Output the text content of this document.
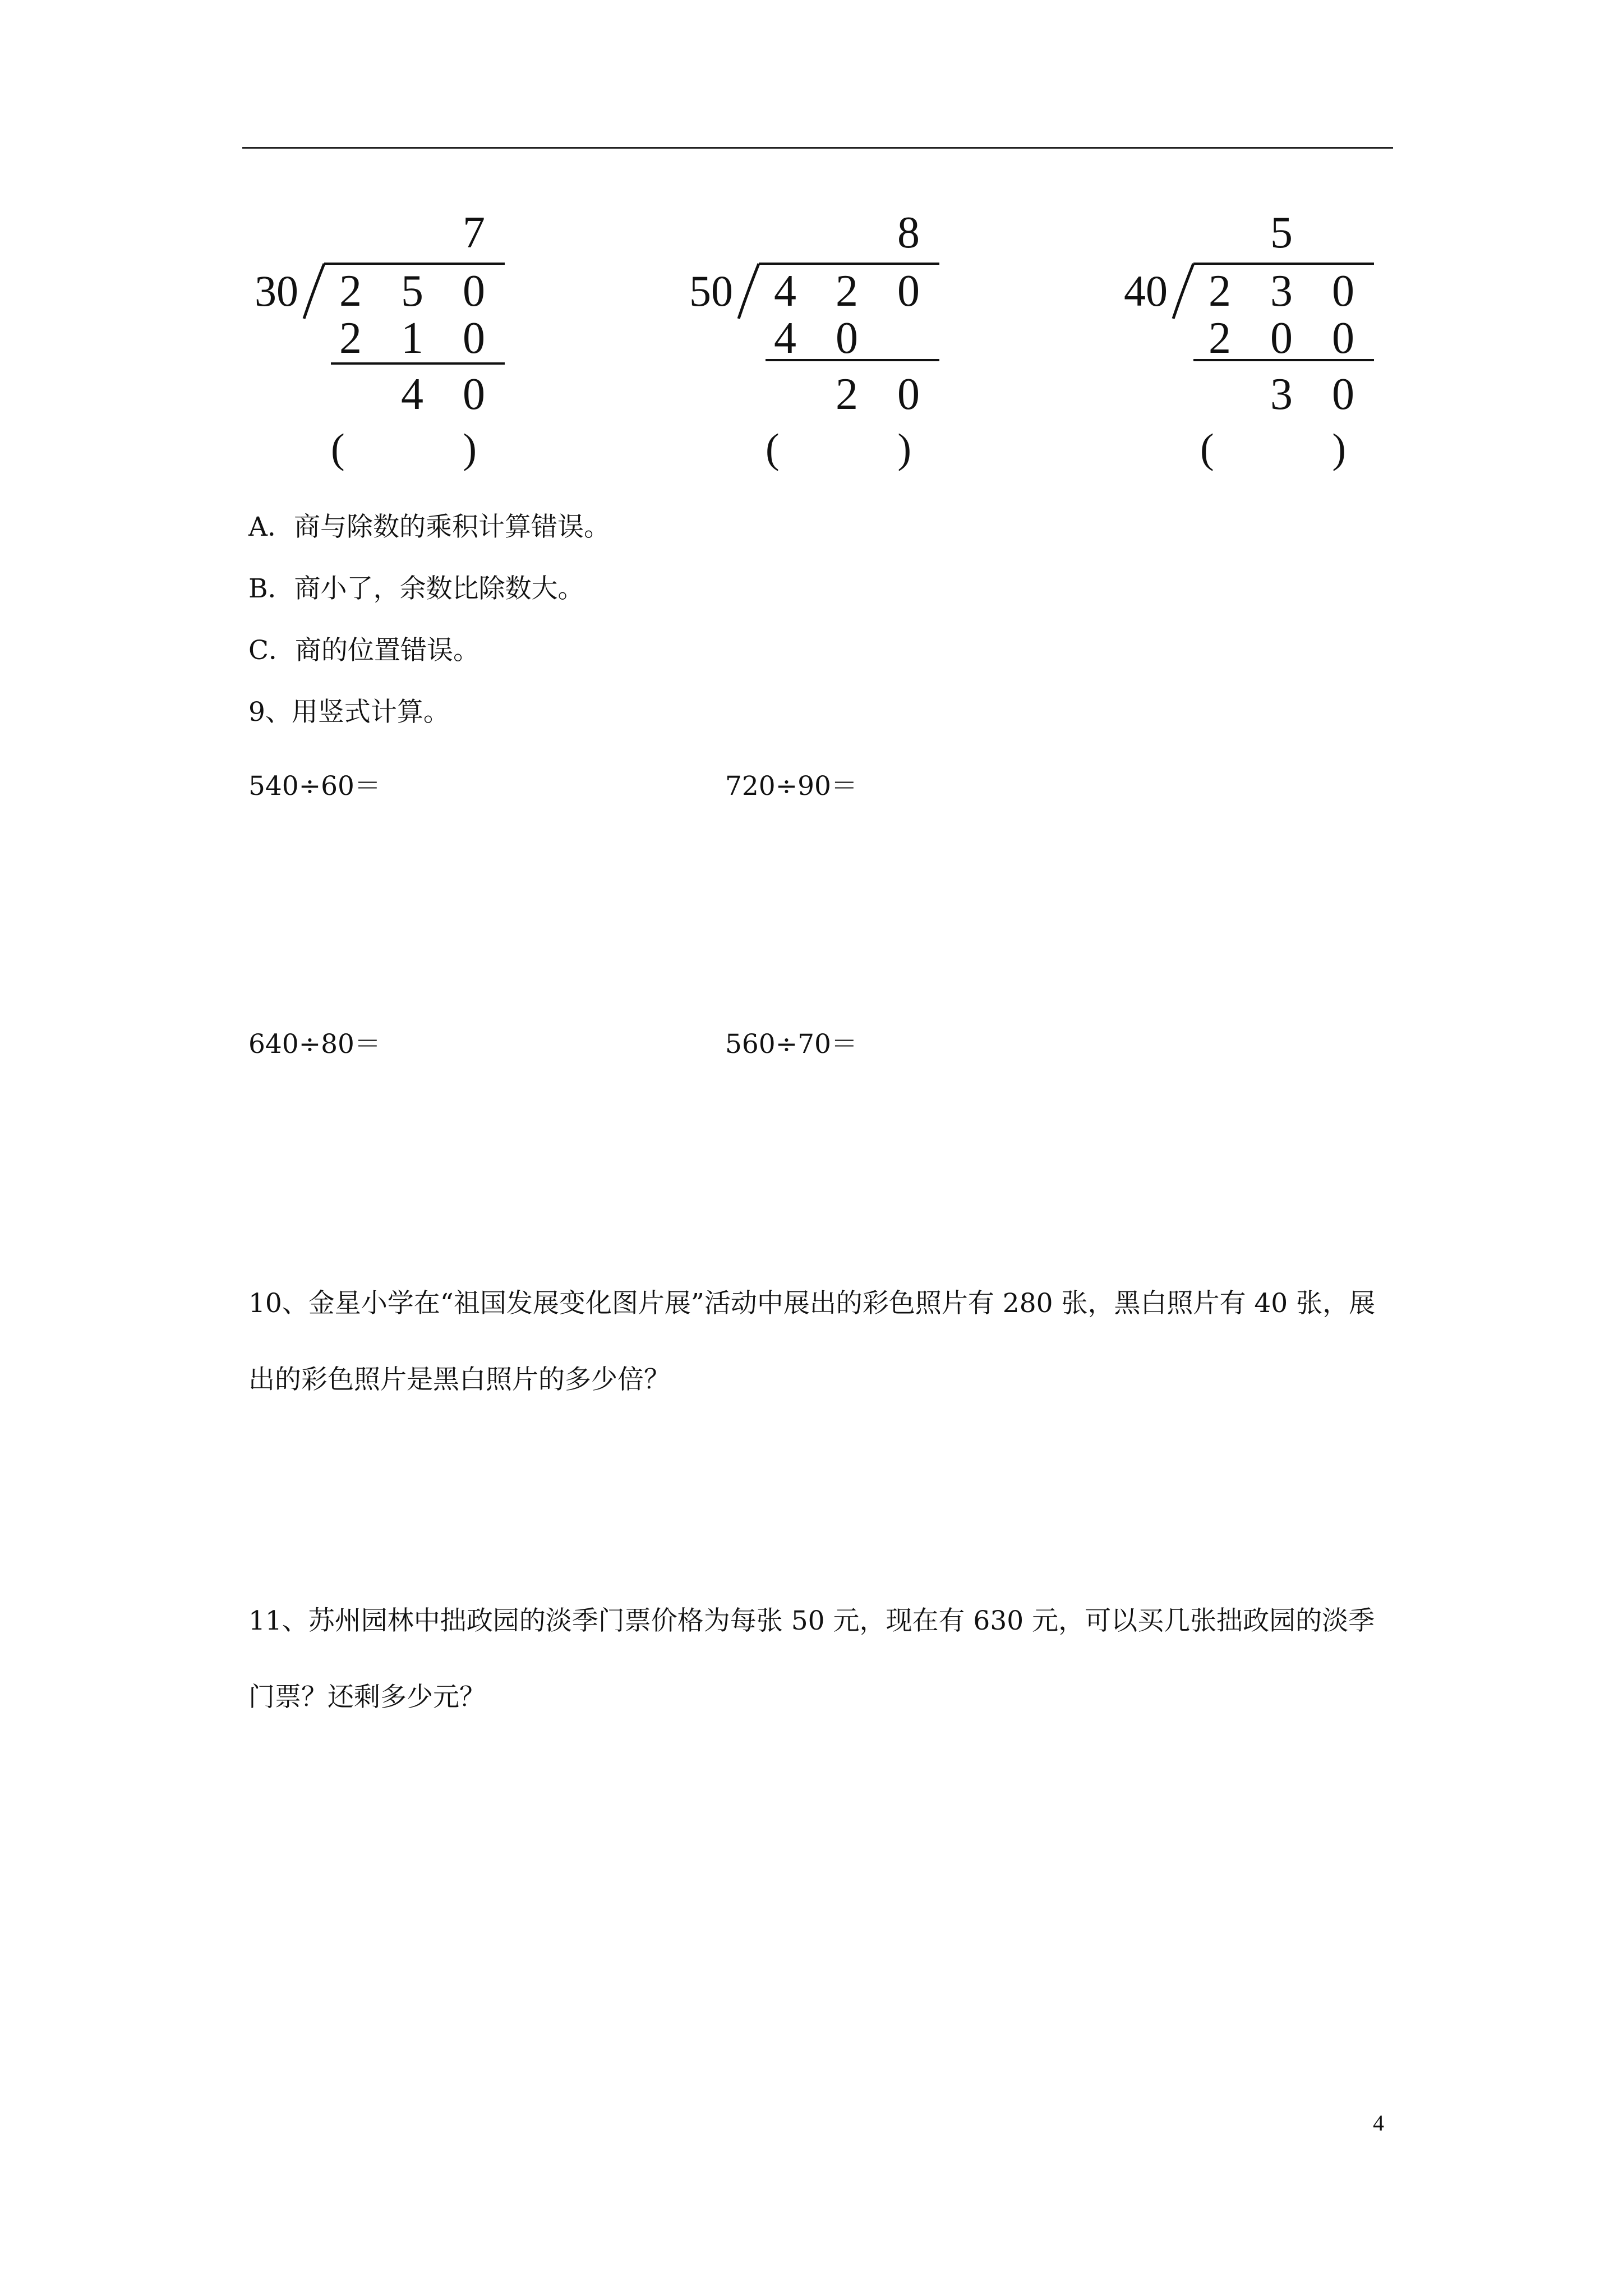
7
30 2 5 0
2 1 0
4 0
(	)
8
50 4 2 0
4 0
2 0
(	)
5
40 2 3 0
2 0 0
3 0
(	)
A．商与除数的乘积计算错误。
B．商小了，余数比除数大。
C．商的位置错误。
9、用竖式计算。
540÷60＝	720÷90＝
640÷80＝	560÷70＝
10、金星小学在“祖国发展变化图片展”活动中展出的彩色照片有 280 张，黑白照片有 40 张，展出的彩色照片是黑白照片的多少倍？
11、苏州园林中拙政园的淡季门票价格为每张 50 元，现在有 630 元，可以买几张拙政园的淡季门票？还剩多少元？
4
